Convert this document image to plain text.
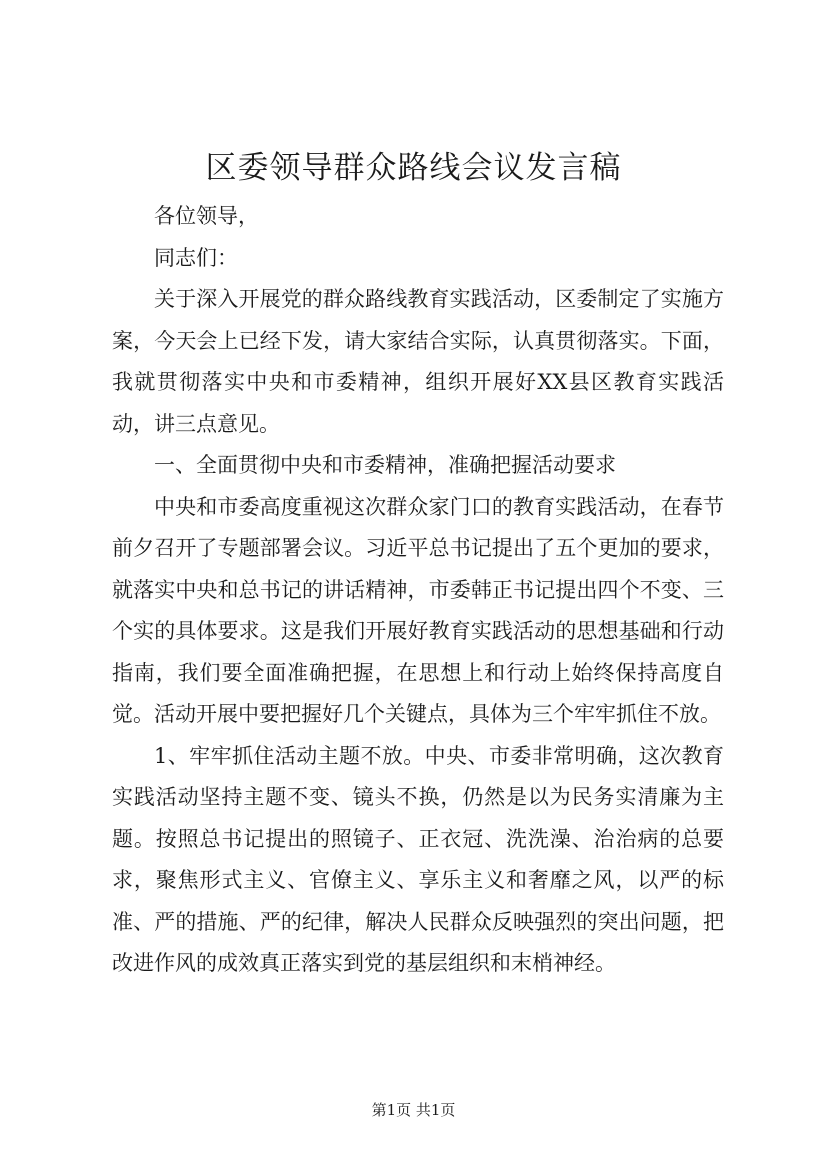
区委领导群众路线会议发言稿

各位领导，

同志们：

关于深入开展党的群众路线教育实践活动，区委制定了实施方案，今天会上已经下发，请大家结合实际，认真贯彻落实。下面，我就贯彻落实中央和市委精神，组织开展好XX县区教育实践活动，讲三点意见。

一、全面贯彻中央和市委精神，准确把握活动要求

中央和市委高度重视这次群众家门口的教育实践活动，在春节前夕召开了专题部署会议。习近平总书记提出了五个更加的要求，就落实中央和总书记的讲话精神，市委韩正书记提出四个不变、三个实的具体要求。这是我们开展好教育实践活动的思想基础和行动指南，我们要全面准确把握，在思想上和行动上始终保持高度自觉。活动开展中要把握好几个关键点，具体为三个牢牢抓住不放。

1、牢牢抓住活动主题不放。中央、市委非常明确，这次教育实践活动坚持主题不变、镜头不换，仍然是以为民务实清廉为主题。按照总书记提出的照镜子、正衣冠、洗洗澡、治治病的总要求，聚焦形式主义、官僚主义、享乐主义和奢靡之风，以严的标准、严的措施、严的纪律，解决人民群众反映强烈的突出问题，把改进作风的成效真正落实到党的基层组织和末梢神经。

第1页 共1页
